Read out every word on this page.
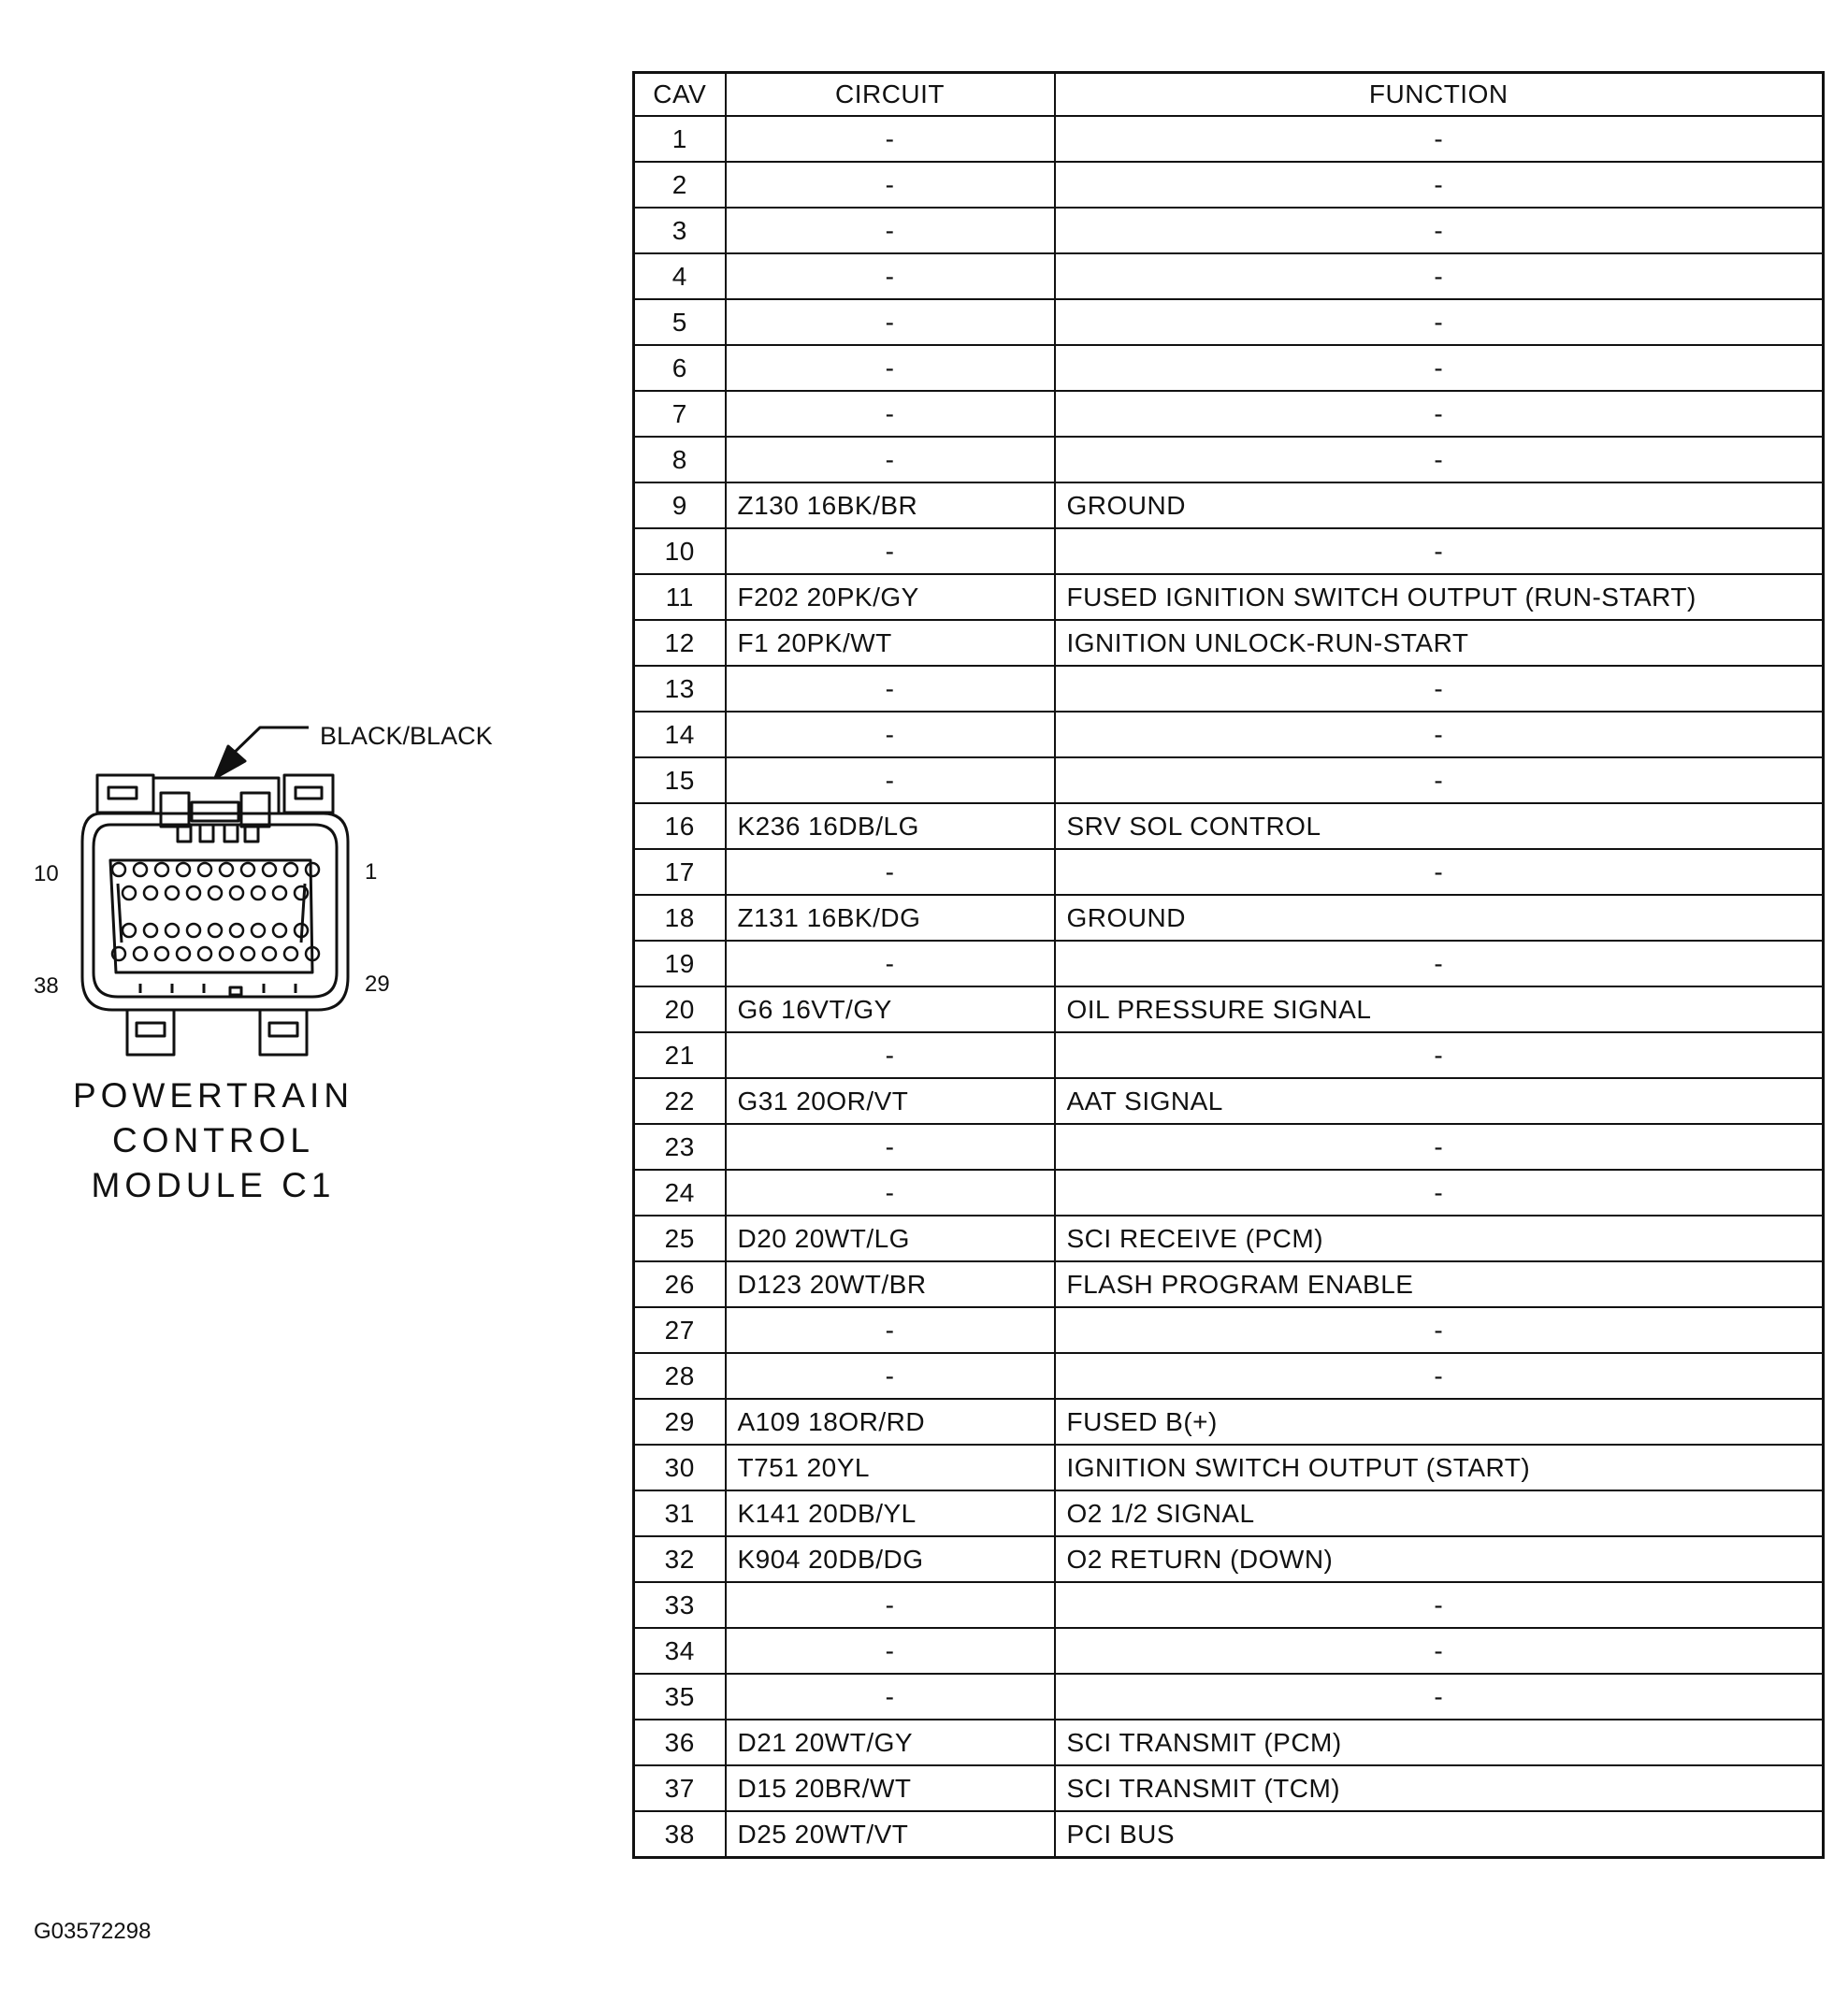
BLACK/BLACK
10	1
38	29
POWERTRAIN
CONTROL
MODULE C1
CAV	CIRCUIT	FUNCTION
1	-	-
2	-	-
3	-	-
4	-	-
5	-	-
6	-	-
7	-	-
8	-	-
9	Z130 16BK/BR	GROUND
10	-	-
11	F202 20PK/GY	FUSED IGNITION SWITCH OUTPUT (RUN-START)
12	F1 20PK/WT	IGNITION UNLOCK-RUN-START
13	-	-
14	-	-
15	-	-
16	K236 16DB/LG	SRV SOL CONTROL
17	-	-
18	Z131 16BK/DG	GROUND
19	-	-
20	G6 16VT/GY	OIL PRESSURE SIGNAL
21	-	-
22	G31 20OR/VT	AAT SIGNAL
23	-	-
24	-	-
25	D20 20WT/LG	SCI RECEIVE (PCM)
26	D123 20WT/BR	FLASH PROGRAM ENABLE
27	-	-
28	-	-
29	A109 18OR/RD	FUSED B(+)
30	T751 20YL	IGNITION SWITCH OUTPUT (START)
31	K141 20DB/YL	O2 1/2 SIGNAL
32	K904 20DB/DG	O2 RETURN (DOWN)
33	-	-
34	-	-
35	-	-
36	D21 20WT/GY	SCI TRANSMIT (PCM)
37	D15 20BR/WT	SCI TRANSMIT (TCM)
38	D25 20WT/VT	PCI BUS
G03572298
